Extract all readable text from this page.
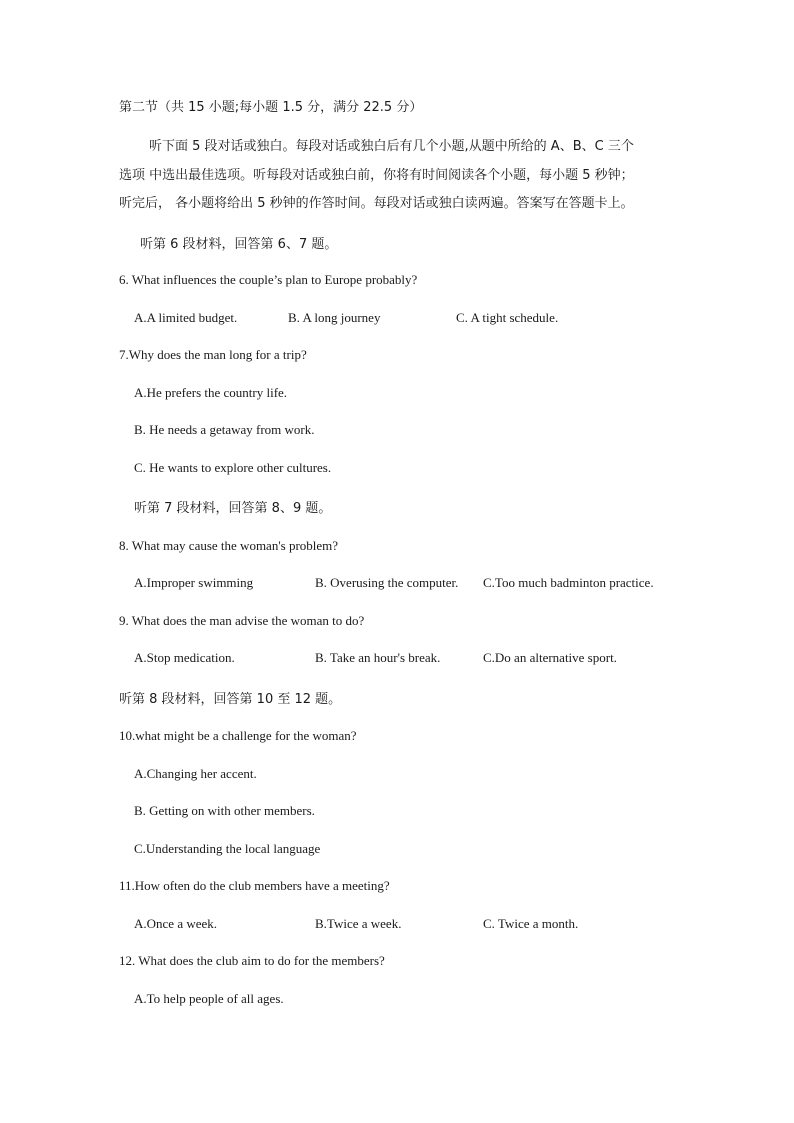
第二节（共 15 小题;每小题 1.5 分，满分 22.5 分）
听下面 5 段对话或独白。每段对话或独白后有几个小题,从题中所给的 A、B、C 三个
选项 中选出最佳选项。听每段对话或独白前，你将有时间阅读各个小题，每小题 5 秒钟；
听完后， 各小题将给出 5 秒钟的作答时间。每段对话或独白读两遍。答案写在答题卡上。
听第 6 段材料，回答第 6、7 题。
6. What influences the couple’s plan to Europe probably?
A.A limited budget.	B. A long journey	C. A tight schedule.
7.Why does the man long for a trip?
A.He prefers the country life.
B. He needs a getaway from work.
C. He wants to explore other cultures.
听第 7 段材料，回答第 8、9 题。
8. What may cause the woman's problem?
A.Improper swimming	B. Overusing the computer. C.Too much badminton practice.
9. What does the man advise the woman to do?
A.Stop medication.	B. Take an hour's break.	C.Do an alternative sport.
听第 8 段材料，回答第 10 至 12 题。
10.what might be a challenge for the woman?
A.Changing her accent.
B. Getting on with other members.
C.Understanding the local language
11.How often do the club members have a meeting?
A.Once a week.	B.Twice a week.	C. Twice a month.
12. What does the club aim to do for the members?
A.To help people of all ages.
